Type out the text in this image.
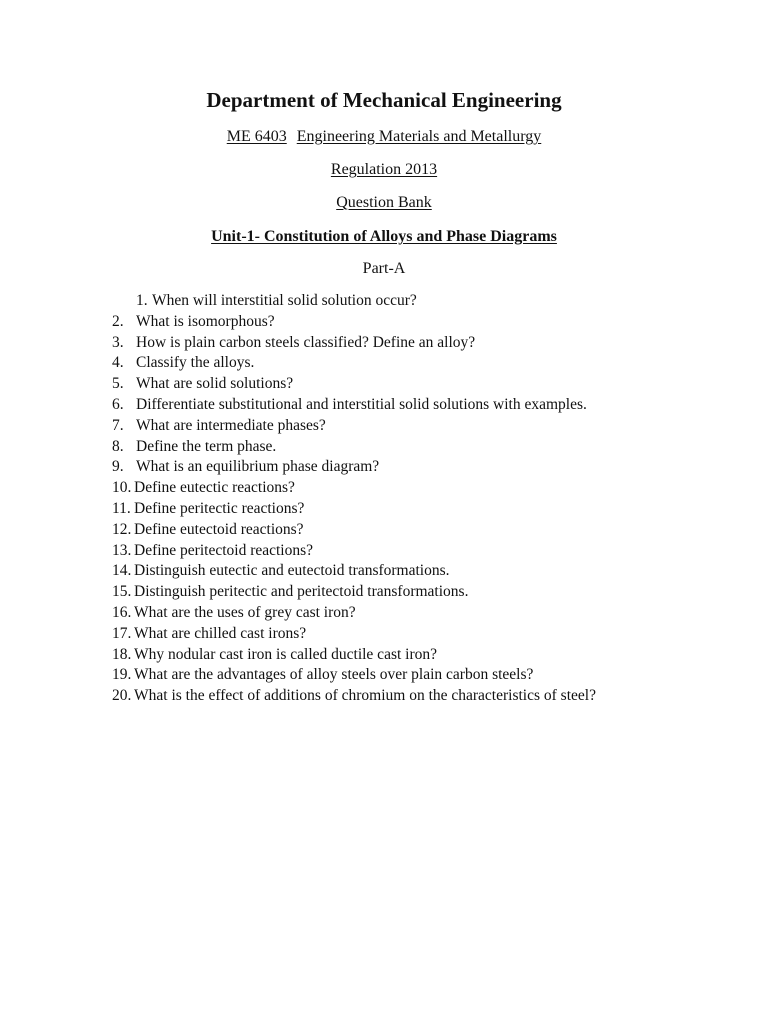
Department of Mechanical Engineering
ME 6403 Engineering Materials and Metallurgy
Regulation 2013
Question Bank
Unit-1- Constitution of Alloys and Phase Diagrams
Part-A
1. When will interstitial solid solution occur?
2. What is isomorphous?
3. How is plain carbon steels classified? Define an alloy?
4. Classify the alloys.
5. What are solid solutions?
6. Differentiate substitutional and interstitial solid solutions with examples.
7. What are intermediate phases?
8. Define the term phase.
9. What is an equilibrium phase diagram?
10. Define eutectic reactions?
11. Define peritectic reactions?
12. Define eutectoid reactions?
13. Define peritectoid reactions?
14. Distinguish eutectic and eutectoid transformations.
15. Distinguish peritectic and peritectoid transformations.
16. What are the uses of grey cast iron?
17. What are chilled cast irons?
18. Why nodular cast iron is called ductile cast iron?
19. What are the advantages of alloy steels over plain carbon steels?
20. What is the effect of additions of chromium on the characteristics of steel?
